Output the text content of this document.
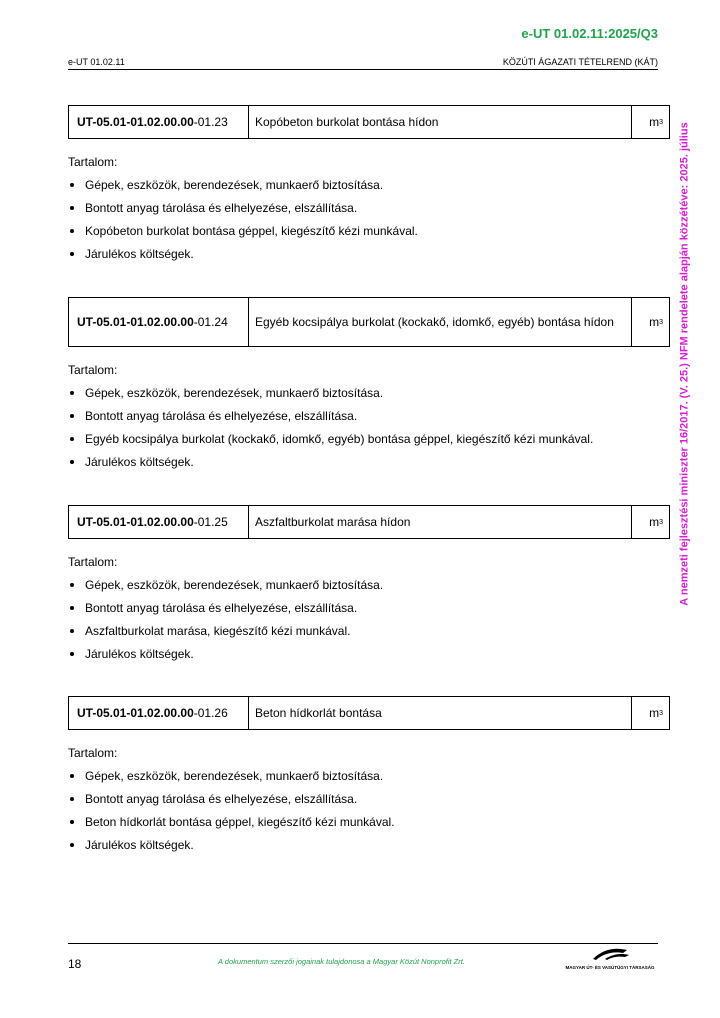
e-UT 01.02.11:2025/Q3
e-UT 01.02.11	KÖZÚTI ÁGAZATI TÉTELREND (KÁT)
A nemzeti fejlesztési miniszter 16/2017. (V. 25.) NFM rendelete alapján közzétéve: 2025. július
UT-05.01-01.02.00.00 -01.23	Kopóbeton burkolat bontása hídon	m 3
Tartalom:
Gépek, eszközök, berendezések, munkaerő biztosítása.
Bontott anyag tárolása és elhelyezése, elszállítása.
Kopóbeton burkolat bontása géppel, kiegészítő kézi munkával.
Járulékos költségek.
UT-05.01-01.02.00.00 -01.24	Egyéb kocsipálya burkolat (kockakő, idomkő, egyéb) bontása hídon	m 3
Tartalom:
Gépek, eszközök, berendezések, munkaerő biztosítása.
Bontott anyag tárolása és elhelyezése, elszállítása.
Egyéb kocsipálya burkolat (kockakő, idomkő, egyéb) bontása géppel, kiegészítő kézi munkával.
Járulékos költségek.
UT-05.01-01.02.00.00 -01.25	Aszfaltburkolat marása hídon	m 3
Tartalom:
Gépek, eszközök, berendezések, munkaerő biztosítása.
Bontott anyag tárolása és elhelyezése, elszállítása.
Aszfaltburkolat marása, kiegészítő kézi munkával.
Járulékos költségek.
UT-05.01-01.02.00.00 -01.26	Beton hídkorlát bontása	m 3
Tartalom:
Gépek, eszközök, berendezések, munkaerő biztosítása.
Bontott anyag tárolása és elhelyezése, elszállítása.
Beton hídkorlát bontása géppel, kiegészítő kézi munkával.
Járulékos költségek.
18	A dokumentum szerzői jogainak tulajdonosa a Magyar Közút Nonprofit Zrt.
MAGYAR ÚT- ÉS VASÚTÜGYI TÁRSASÁG
